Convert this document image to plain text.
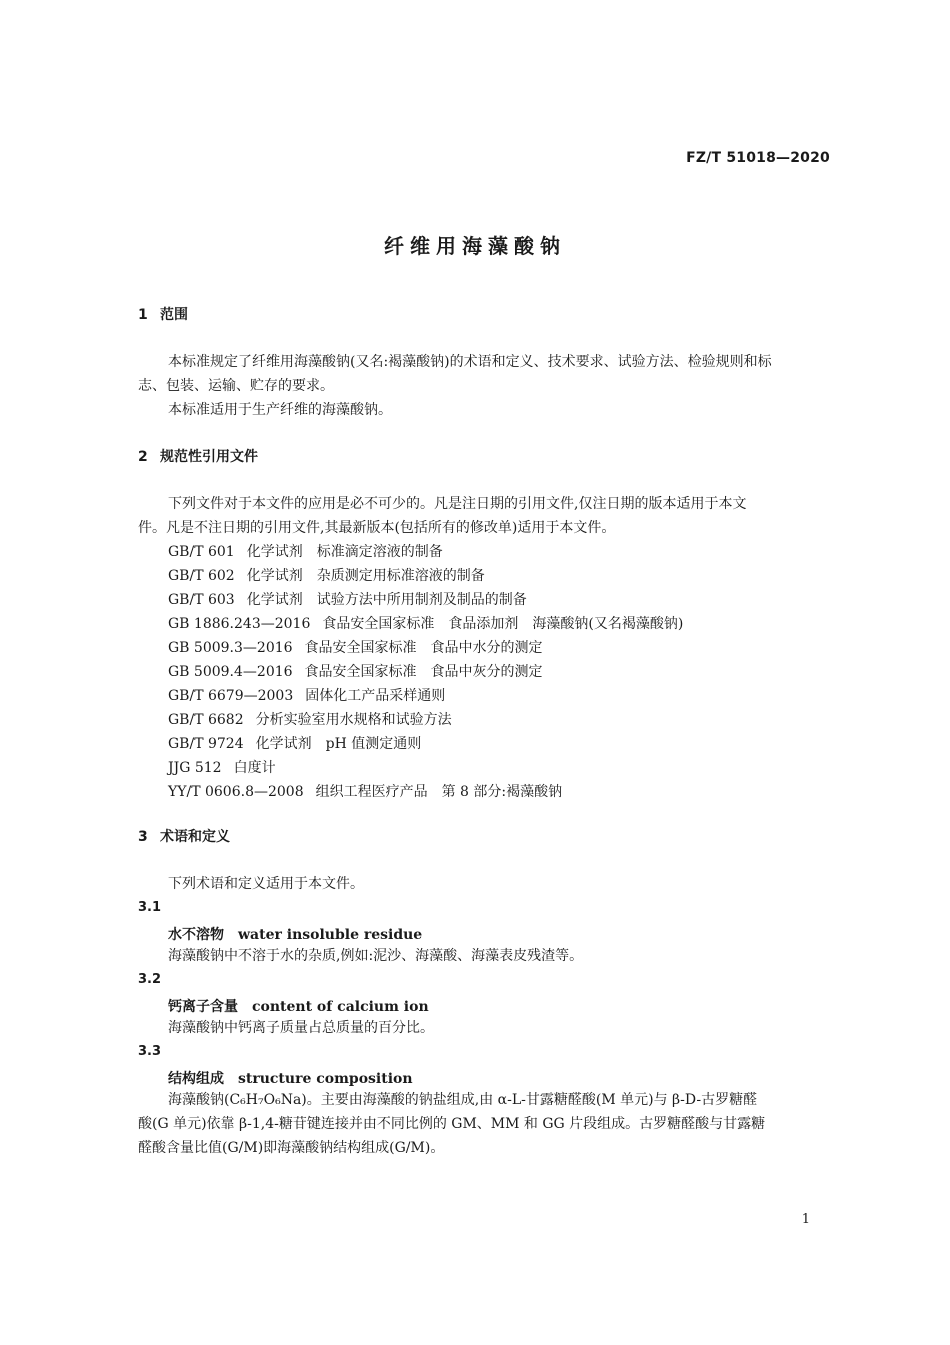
FZ/T 51018—2020
纤维用海藻酸钠
1 范围
本标准规定了纤维用海藻酸钠(又名:褐藻酸钠)的术语和定义、技术要求、试验方法、检验规则和标
志、包装、运输、贮存的要求。
本标准适用于生产纤维的海藻酸钠。
2 规范性引用文件
下列文件对于本文件的应用是必不可少的。凡是注日期的引用文件,仅注日期的版本适用于本文
件。凡是不注日期的引用文件,其最新版本(包括所有的修改单)适用于本文件。
GB/T 601 化学试剂　标准滴定溶液的制备
GB/T 602 化学试剂　杂质测定用标准溶液的制备
GB/T 603 化学试剂　试验方法中所用制剂及制品的制备
GB 1886.243—2016 食品安全国家标准　食品添加剂　海藻酸钠(又名褐藻酸钠)
GB 5009.3—2016 食品安全国家标准　食品中水分的测定
GB 5009.4—2016 食品安全国家标准　食品中灰分的测定
GB/T 6679—2003 固体化工产品采样通则
GB/T 6682 分析实验室用水规格和试验方法
GB/T 9724 化学试剂　pH 值测定通则
JJG 512 白度计
YY/T 0606.8—2008 组织工程医疗产品　第 8 部分:褐藻酸钠
3 术语和定义
下列术语和定义适用于本文件。
3.1
水不溶物 water insoluble residue
海藻酸钠中不溶于水的杂质,例如:泥沙、海藻酸、海藻表皮残渣等。
3.2
钙离子含量 content of calcium ion
海藻酸钠中钙离子质量占总质量的百分比。
3.3
结构组成 structure composition
海藻酸钠(C₆H₇O₆Na)。主要由海藻酸的钠盐组成,由 α-L-甘露糖醛酸(M 单元)与 β-D-古罗糖醛
酸(G 单元)依靠 β-1,4-糖苷键连接并由不同比例的 GM、MM 和 GG 片段组成。古罗糖醛酸与甘露糖
醛酸含量比值(G/M)即海藻酸钠结构组成(G/M)。
1
